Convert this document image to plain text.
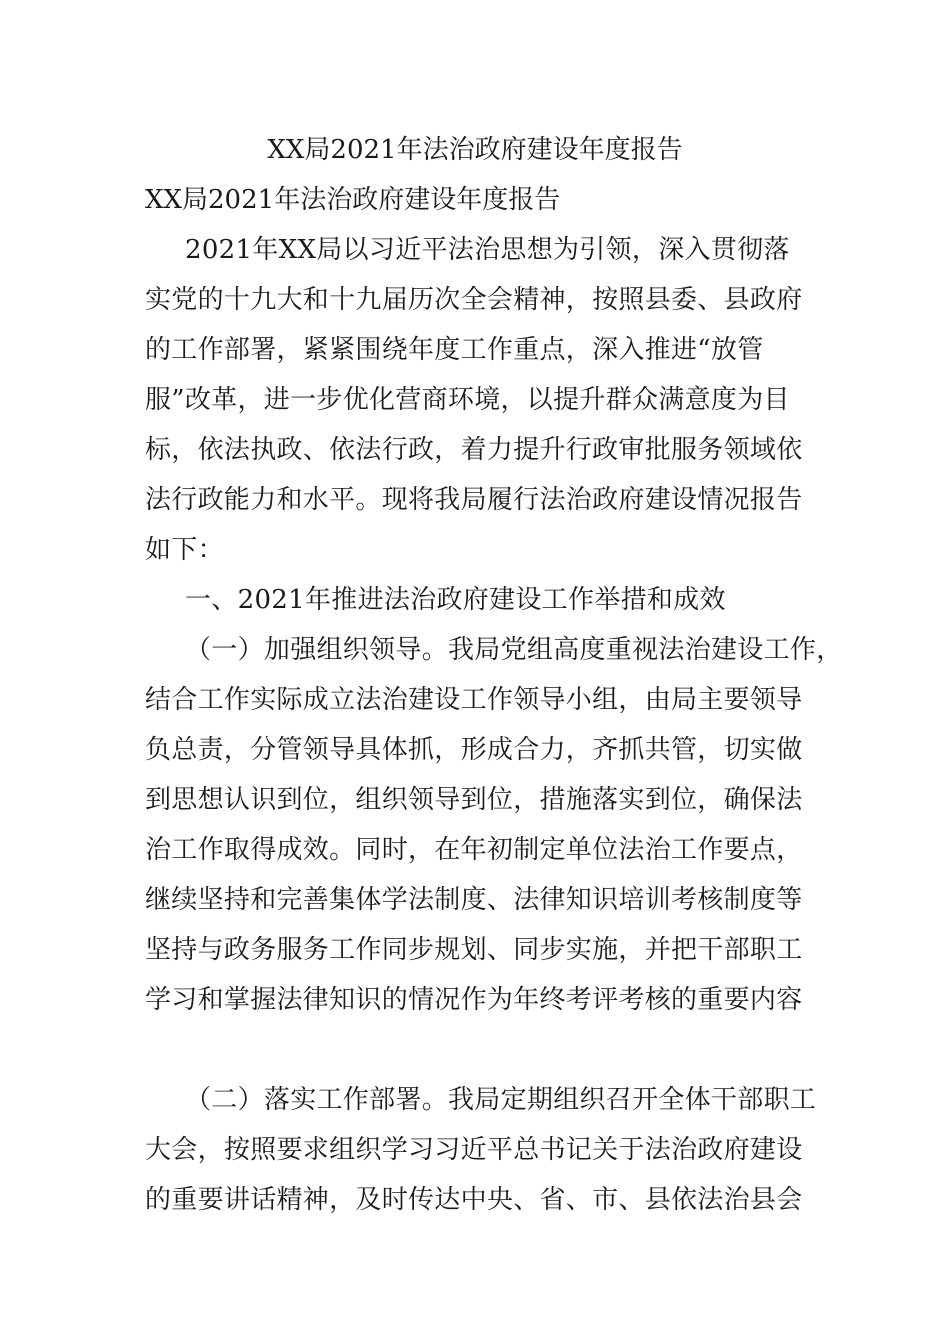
XX局2021年法治政府建设年度报告

XX局2021年法治政府建设年度报告

2021年XX局以习近平法治思想为引领，深入贯彻落

实党的十九大和十九届历次全会精神，按照县委、县政府

的工作部署，紧紧围绕年度工作重点，深入推进“放管

服”改革，进一步优化营商环境，以提升群众满意度为目

标，依法执政、依法行政，着力提升行政审批服务领域依

法行政能力和水平。现将我局履行法治政府建设情况报告

如下：

一、2021年推进法治政府建设工作举措和成效

（一）加强组织领导。我局党组高度重视法治建设工作，

结合工作实际成立法治建设工作领导小组，由局主要领导

负总责，分管领导具体抓，形成合力，齐抓共管，切实做

到思想认识到位，组织领导到位，措施落实到位，确保法

治工作取得成效。同时，在年初制定单位法治工作要点，

继续坚持和完善集体学法制度、法律知识培训考核制度等

坚持与政务服务工作同步规划、同步实施，并把干部职工

学习和掌握法律知识的情况作为年终考评考核的重要内容

（二）落实工作部署。我局定期组织召开全体干部职工

大会，按照要求组织学习习近平总书记关于法治政府建设

的重要讲话精神，及时传达中央、省、市、县依法治县会
